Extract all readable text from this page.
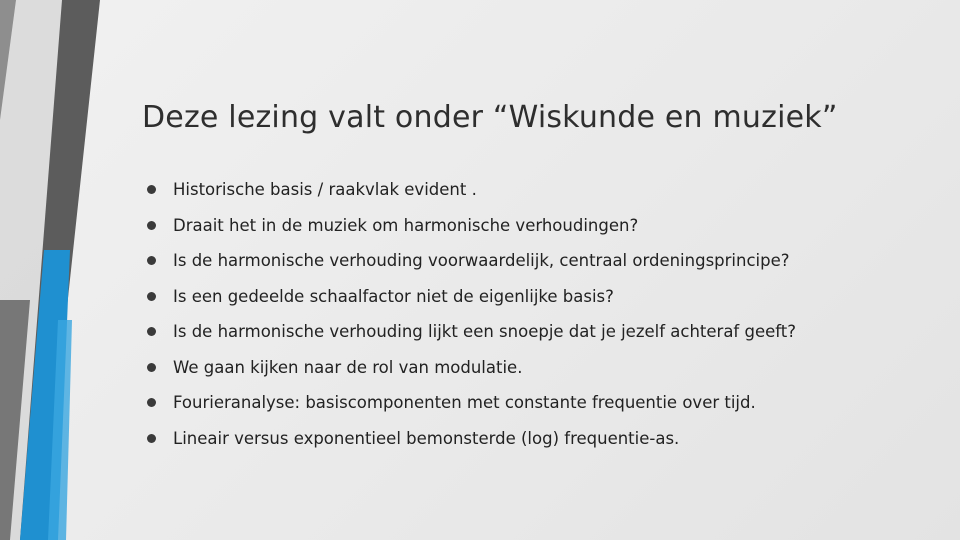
Deze lezing valt onder “Wiskunde en muziek”
Historische basis / raakvlak evident .
Draait het in de muziek om harmonische verhoudingen?
Is de harmonische verhouding voorwaardelijk, centraal ordeningsprincipe?
Is een gedeelde schaalfactor niet de eigenlijke basis?
Is de harmonische verhouding lijkt een snoepje dat je jezelf achteraf geeft?
We gaan kijken naar de rol van modulatie.
Fourieranalyse: basiscomponenten met constante frequentie over tijd.
Lineair versus exponentieel bemonsterde (log) frequentie-as.
